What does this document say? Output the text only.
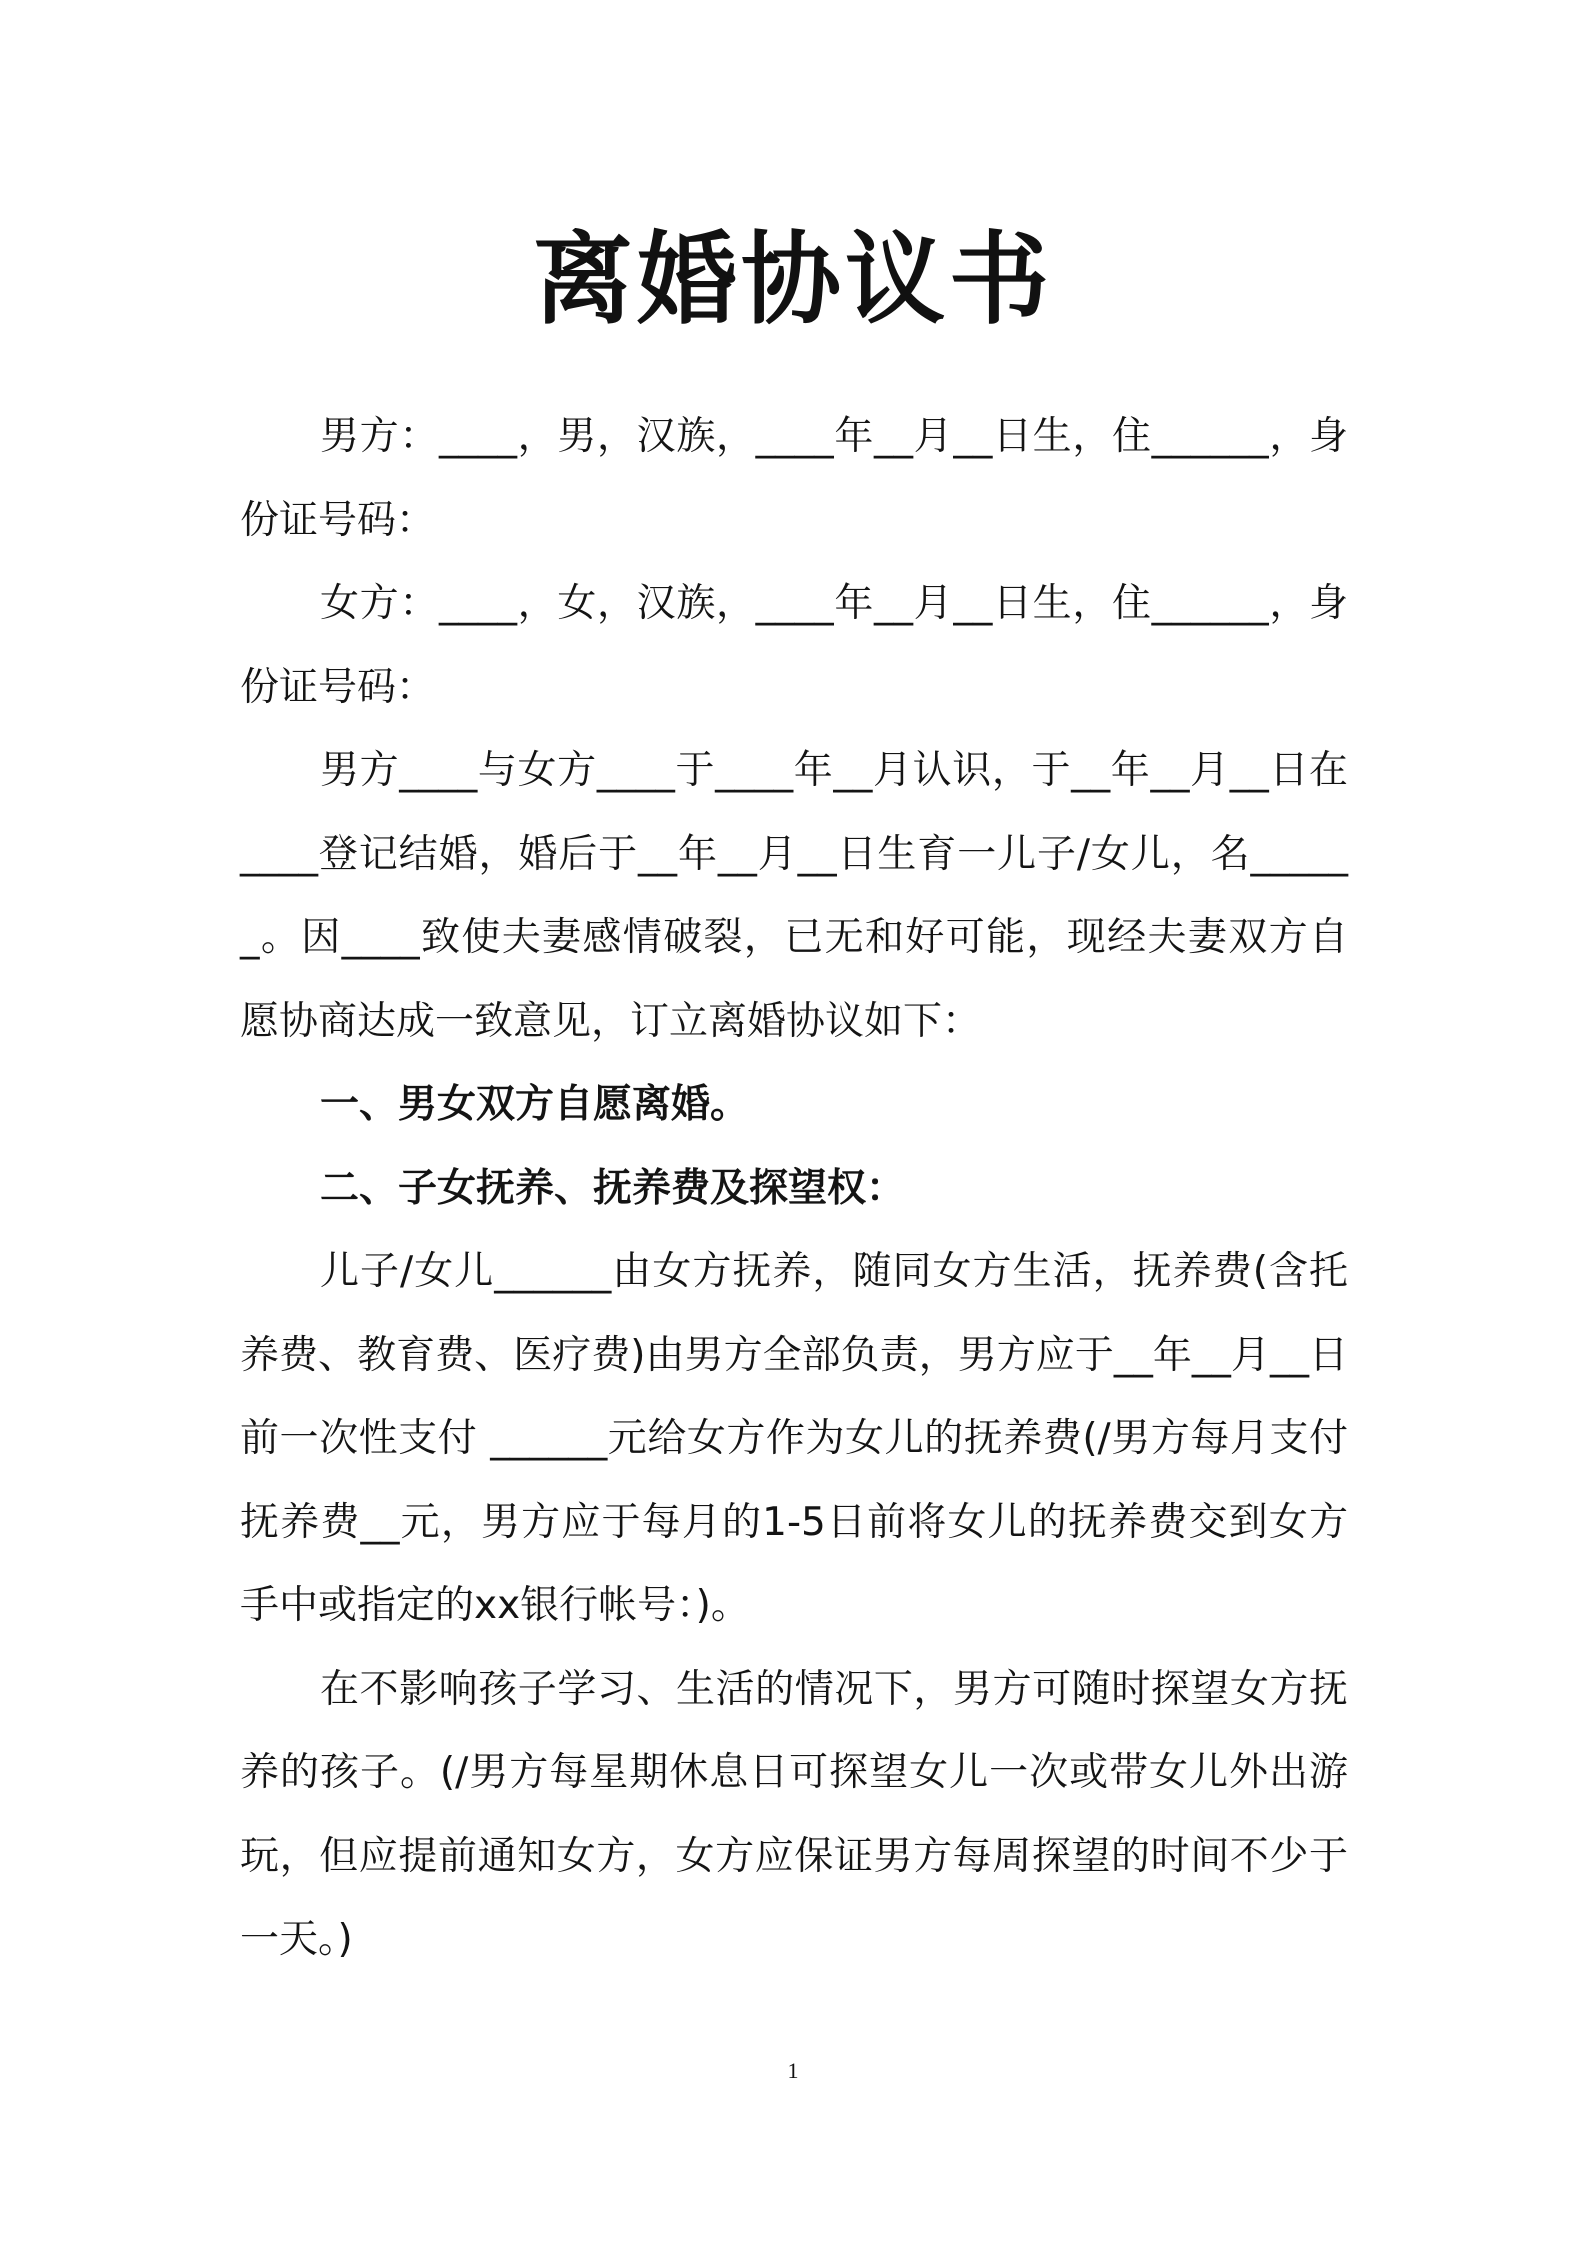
离婚协议书

男方：____，男，汉族，____年__月__日生，住______，身份证号码：

女方：____，女，汉族，____年__月__日生，住______，身份证号码：

男方____与女方____于____年__月认识，于__年__月__日在____登记结婚，婚后于__年__月__日生育一儿子/女儿，名______。因____致使夫妻感情破裂，已无和好可能，现经夫妻双方自愿协商达成一致意见，订立离婚协议如下：

一、男女双方自愿离婚。

二、子女抚养、抚养费及探望权：

儿子/女儿______由女方抚养，随同女方生活，抚养费(含托养费、教育费、医疗费)由男方全部负责，男方应于__年__月__日前一次性支付 ______元给女方作为女儿的抚养费(/男方每月支付抚养费__元，男方应于每月的1-5日前将女儿的抚养费交到女方手中或指定的xx银行帐号：)。

在不影响孩子学习、生活的情况下，男方可随时探望女方抚养的孩子。(/男方每星期休息日可探望女儿一次或带女儿外出游玩，但应提前通知女方，女方应保证男方每周探望的时间不少于一天。)

1
